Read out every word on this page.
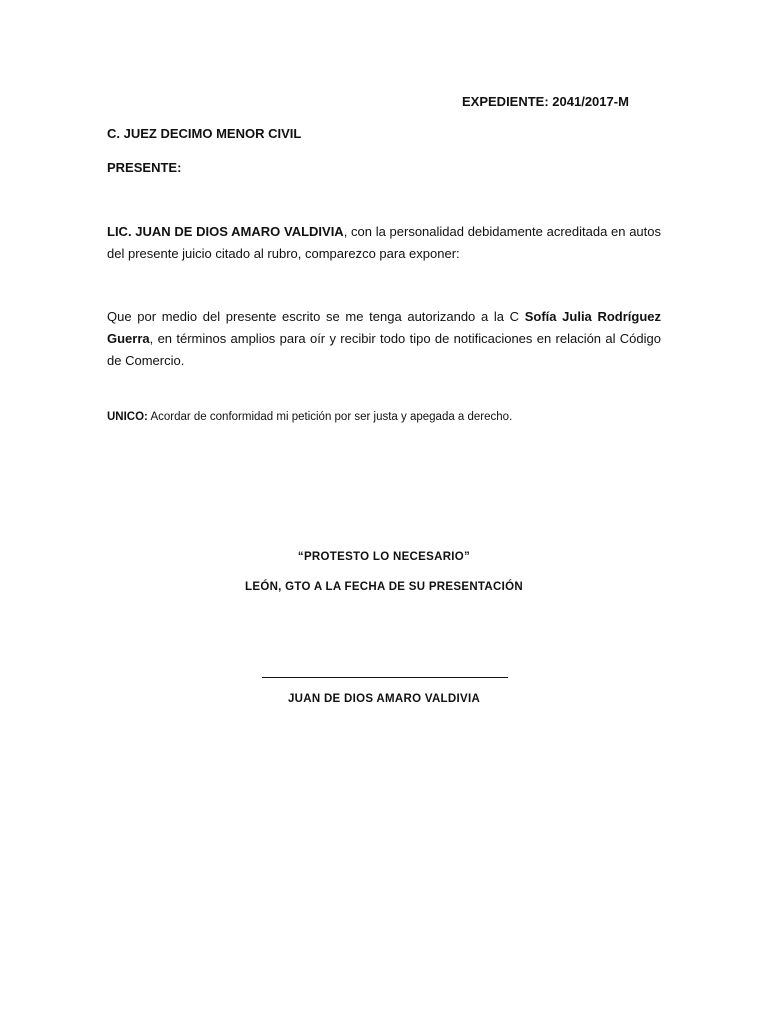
EXPEDIENTE: 2041/2017-M
C. JUEZ DECIMO MENOR CIVIL
PRESENTE:
LIC. JUAN DE DIOS AMARO VALDIVIA, con la personalidad debidamente acreditada en autos del presente juicio citado al rubro, comparezco para exponer:
Que por medio del presente escrito se me tenga autorizando a la C Sofía Julia Rodríguez Guerra, en términos amplios para oír y recibir todo tipo de notificaciones en relación al Código de Comercio.
UNICO: Acordar de conformidad mi petición por ser justa y apegada a derecho.
“PROTESTO LO NECESARIO”
LEÓN, GTO A LA FECHA DE SU PRESENTACIÓN
JUAN DE DIOS AMARO VALDIVIA
